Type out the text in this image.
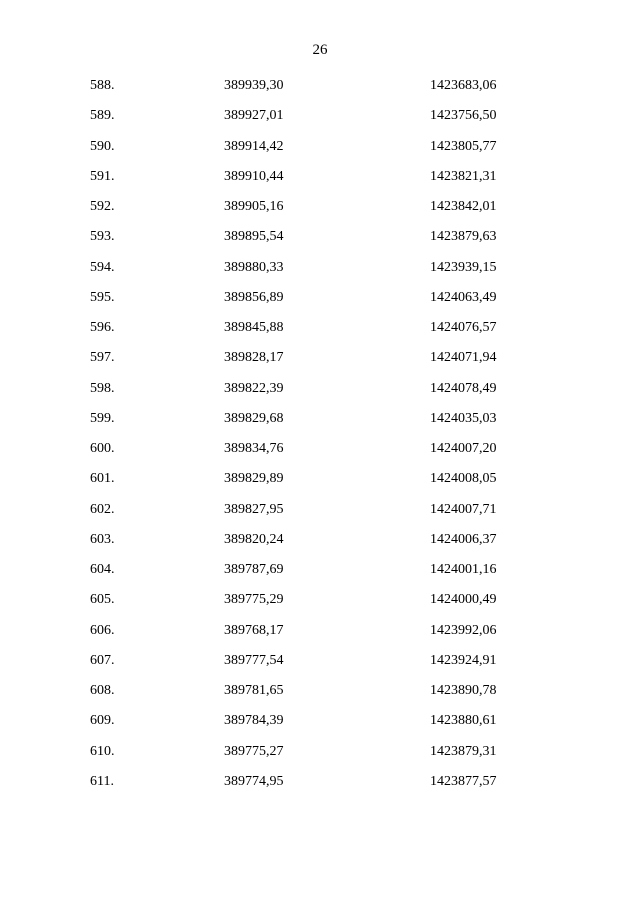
26
588.	389939,30	1423683,06
589.	389927,01	1423756,50
590.	389914,42	1423805,77
591.	389910,44	1423821,31
592.	389905,16	1423842,01
593.	389895,54	1423879,63
594.	389880,33	1423939,15
595.	389856,89	1424063,49
596.	389845,88	1424076,57
597.	389828,17	1424071,94
598.	389822,39	1424078,49
599.	389829,68	1424035,03
600.	389834,76	1424007,20
601.	389829,89	1424008,05
602.	389827,95	1424007,71
603.	389820,24	1424006,37
604.	389787,69	1424001,16
605.	389775,29	1424000,49
606.	389768,17	1423992,06
607.	389777,54	1423924,91
608.	389781,65	1423890,78
609.	389784,39	1423880,61
610.	389775,27	1423879,31
611.	389774,95	1423877,57
